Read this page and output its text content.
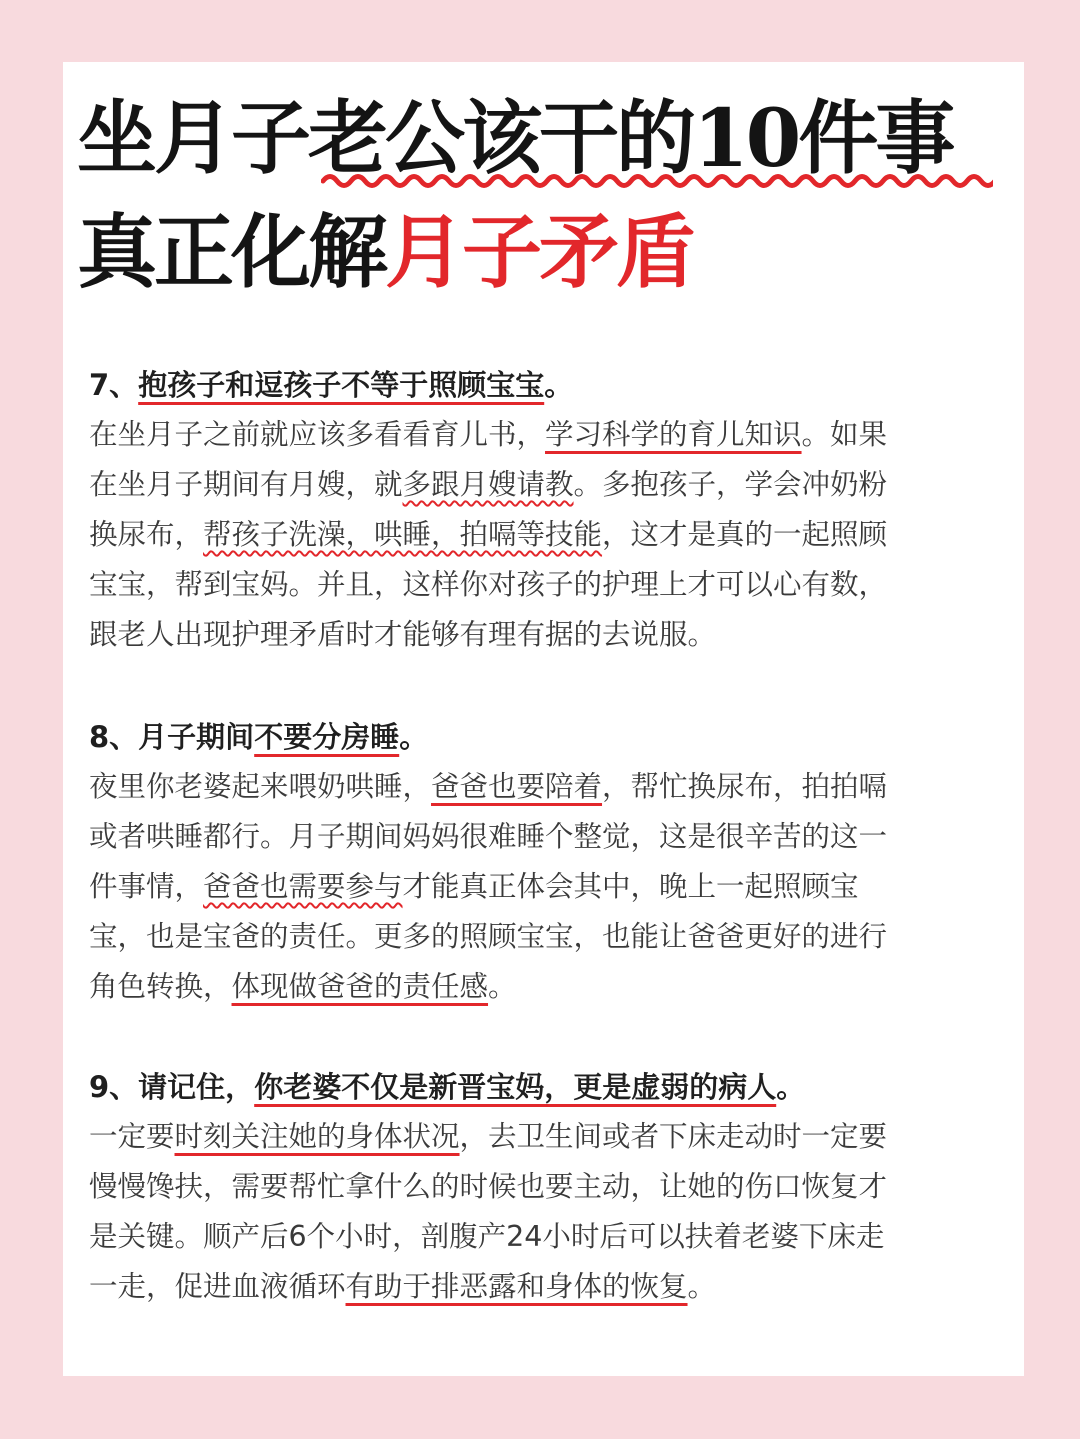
坐月子老公该干的10件事
真正化解月子矛盾
7、抱孩子和逗孩子不等于照顾宝宝。
在坐月子之前就应该多看看育儿书，学习科学的育儿知识。如果
在坐月子期间有月嫂，就多跟月嫂请教。多抱孩子，学会冲奶粉
换尿布，帮孩子洗澡，哄睡，拍嗝等技能，这才是真的一起照顾
宝宝，帮到宝妈。并且，这样你对孩子的护理上才可以心有数，
跟老人出现护理矛盾时才能够有理有据的去说服。
8、月子期间不要分房睡。
夜里你老婆起来喂奶哄睡，爸爸也要陪着，帮忙换尿布，拍拍嗝
或者哄睡都行。月子期间妈妈很难睡个整觉，这是很辛苦的这一
件事情，爸爸也需要参与才能真正体会其中，晚上一起照顾宝
宝，也是宝爸的责任。更多的照顾宝宝，也能让爸爸更好的进行
角色转换，体现做爸爸的责任感。
9、请记住，你老婆不仅是新晋宝妈，更是虚弱的病人。
一定要时刻关注她的身体状况，去卫生间或者下床走动时一定要
慢慢馋扶，需要帮忙拿什么的时候也要主动，让她的伤口恢复才
是关键。顺产后6个小时，剖腹产24小时后可以扶着老婆下床走
一走，促进血液循环有助于排恶露和身体的恢复。
